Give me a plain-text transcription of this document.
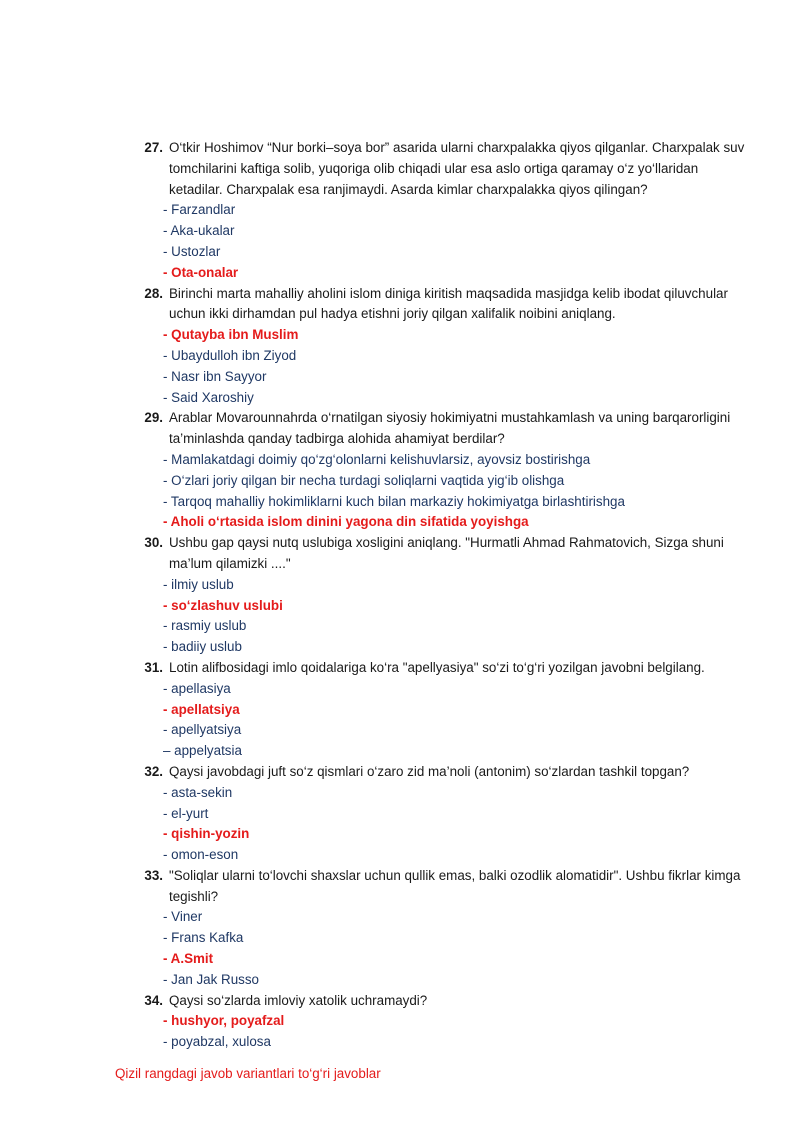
27. O‘tkir Hoshimov “Nur borki–soya bor” asarida ularni charxpalakka qiyos qilganlar. Charxpalak suv tomchilarini kaftiga solib, yuqoriga olib chiqadi ular esa aslo ortiga qaramay o‘z yo‘llaridan ketadilar. Charxpalak esa ranjimaydi. Asarda kimlar charxpalakka qiyos qilingan?
- Farzandlar
- Aka-ukalar
- Ustozlar
- Ota-onalar
28. Birinchi marta mahalliy aholini islom diniga kiritish maqsadida masjidga kelib ibodat qiluvchular uchun ikki dirhamdan pul hadya etishni joriy qilgan xalifalik noibini aniqlang.
- Qutayba ibn Muslim
- Ubaydulloh ibn Ziyod
- Nasr ibn Sayyor
- Said Xaroshiy
29. Arablar Movarounnahrda o‘rnatilgan siyosiy hokimiyatni mustahkamlash va uning barqarorligini ta’minlashda qanday tadbirga alohida ahamiyat berdilar?
- Mamlakatdagi doimiy qo‘zg‘olonlarni kelishuvlarsiz, ayovsiz bostirishga
- O‘zlari joriy qilgan bir necha turdagi soliqlarni vaqtida yig‘ib olishga
- Tarqoq mahalliy hokimliklarni kuch bilan markaziy hokimiyatga birlashtirishga
- Aholi o‘rtasida islom dinini yagona din sifatida yoyishga
30. Ushbu gap qaysi nutq uslubiga xosligini aniqlang. "Hurmatli Ahmad Rahmatovich, Sizga shuni ma’lum qilamizki ...."
- ilmiy uslub
- so‘zlashuv uslubi
- rasmiy uslub
- badiiy uslub
31. Lotin alifbosidagi imlo qoidalariga ko‘ra "apellyasiya" so‘zi to‘g‘ri yozilgan javobni belgilang.
- apellasiya
- apellatsiya
- apellyatsiya
– appelyatsia
32. Qaysi javobdagi juft so‘z qismlari o‘zaro zid ma’noli (antonim) so‘zlardan tashkil topgan?
- asta-sekin
- el-yurt
- qishin-yozin
- omon-eson
33. "Soliqlar ularni to‘lovchi shaxslar uchun qullik emas, balki ozodlik alomatidir". Ushbu fikrlar kimga tegishli?
- Viner
- Frans Kafka
- A.Smit
- Jan Jak Russo
34. Qaysi so‘zlarda imloviy xatolik uchramaydi?
- hushyor, poyafzal
- poyabzal, xulosa
Qizil rangdagi javob variantlari to‘g‘ri javoblar
